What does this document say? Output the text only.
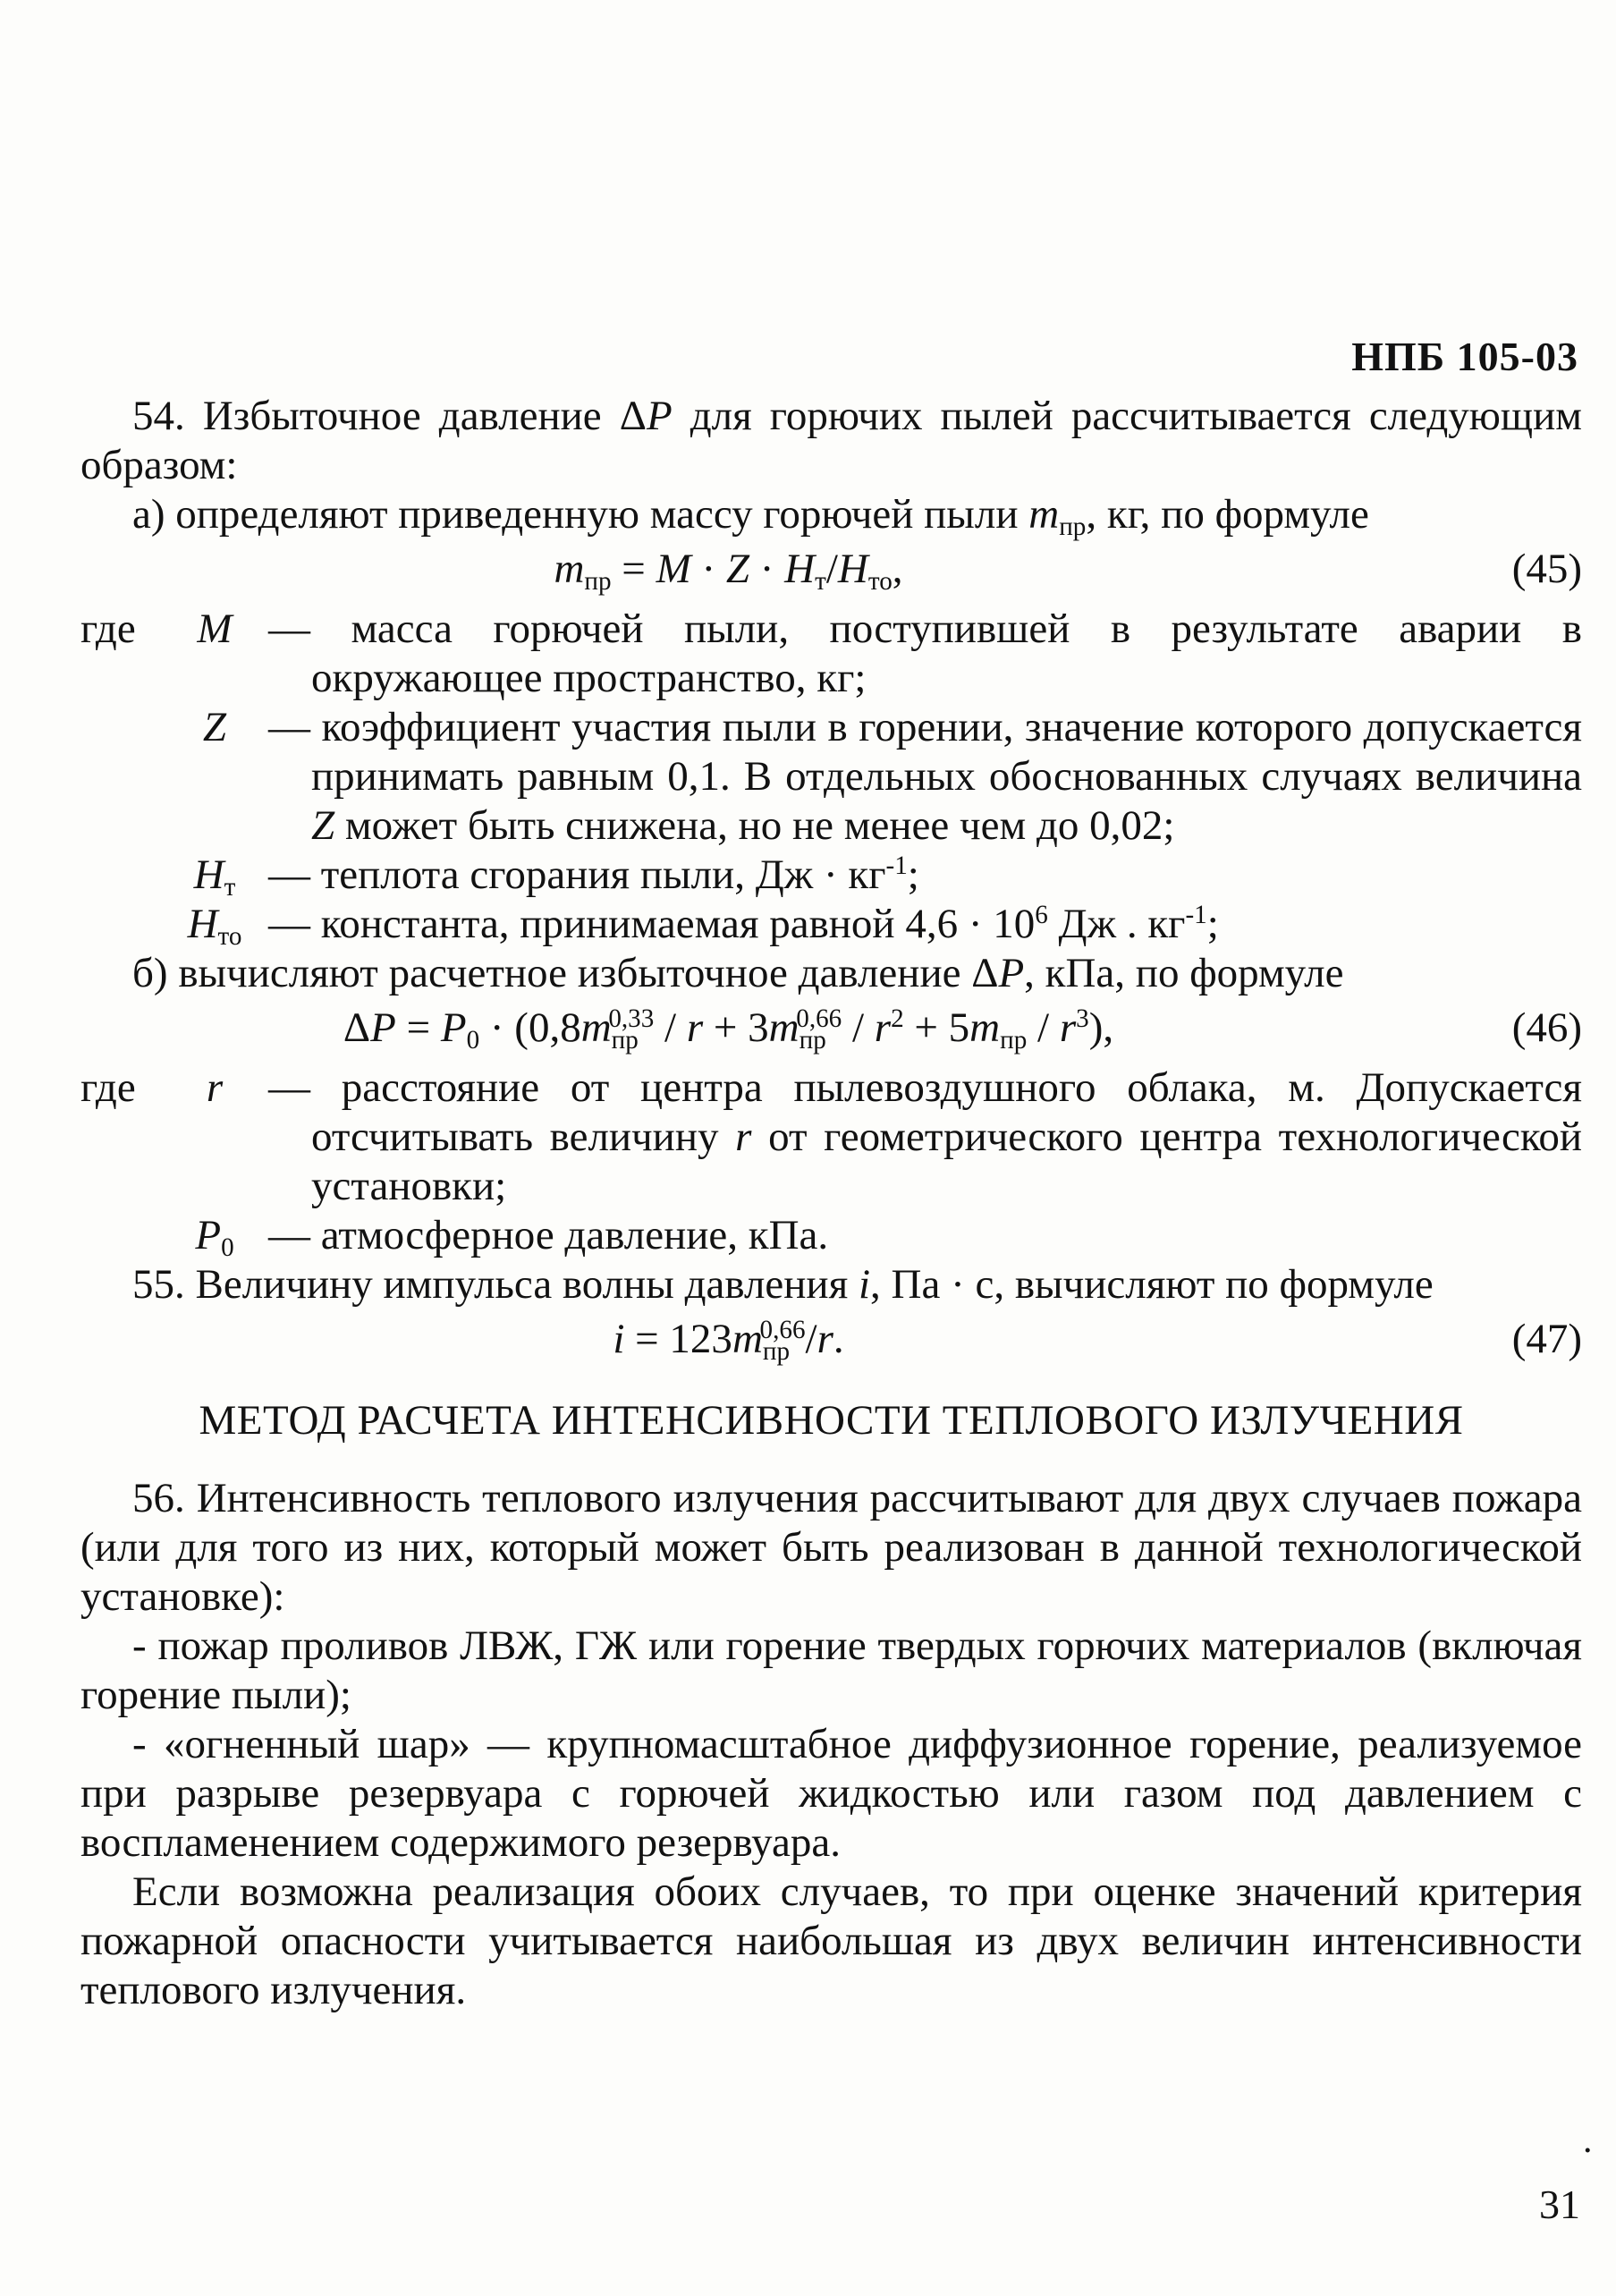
НПБ 105-03

54. Избыточное давление ΔP для горючих пылей рассчитывается следующим образом:

а) определяют приведенную массу горючей пыли $m_{пр}$, кг, по формуле

$m_{пр} = M \cdot Z \cdot H_т/H_{то}$,	(45)
где	M — масса горючей пыли, поступившей в результате аварии в окружающее пространство, кг;
Z — коэффициент участия пыли в горении, значение которого допускается принимать равным 0,1. В отдельных обоснованных случаях величина Z может быть снижена, но не менее чем до 0,02;
$H_т$ — теплота сгорания пыли, Дж · $кг^{-1}$;
$H_{то}$ — константа, принимаемая равной $4,6 \cdot 10^6$ Дж . $кг^{-1}$;

б) вычисляют расчетное избыточное давление ΔP, кПа, по формуле

$\Delta P = P_0 \cdot (0,8m_{пр}^{0,33} / r + 3m_{пр}^{0,66} / r^2 + 5m_{пр} / r^3)$,	(46)
где	r	— расстояние от центра пылевоздушного облака, м. Допускается отсчитывать величину r от геометрического центра технологической установки;
$P_0$ — атмосферное давление, кПа.

55. Величину импульса волны давления i, Па · с, вычисляют по формуле

$i = 123m_{пр}^{0,66}/r$.	(47)
МЕТОД РАСЧЕТА ИНТЕНСИВНОСТИ ТЕПЛОВОГО ИЗЛУЧЕНИЯ

56. Интенсивность теплового излучения рассчитывают для двух случаев пожара (или для того из них, который может быть реализован в данной технологической установке):

- пожар проливов ЛВЖ, ГЖ или горение твердых горючих материалов (включая горение пыли);

- «огненный шар» — крупномасштабное диффузионное горение, реализуемое при разрыве резервуара с горючей жидкостью или газом под давлением с воспламенением содержимого резервуара.

Если возможна реализация обоих случаев, то при оценке значений критерия пожарной опасности учитывается наибольшая из двух величин интенсивности теплового излучения.

31
.
